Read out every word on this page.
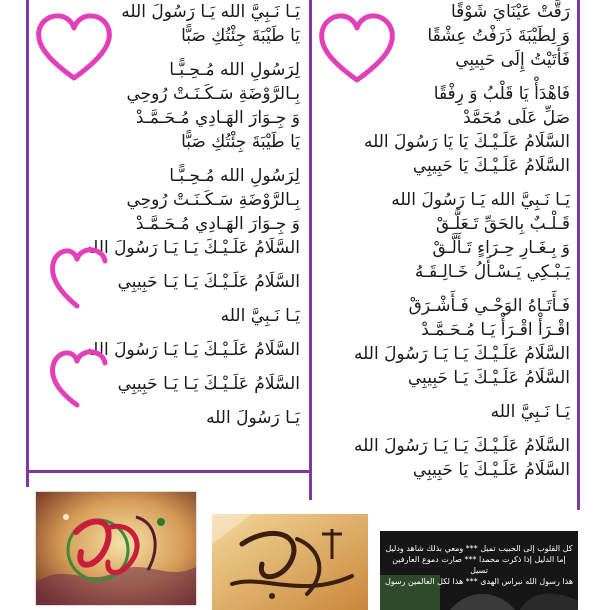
يَـا نَـبِيَّ الله يَـا رَسُولَ الله
يَا طَيْبَةَ جِئْتُكِ صَبًّا
لِرَسُولِ الله مُـحِـبًّـا
بِـالرَّوْضَةِ سَـكَـنَـتْ رُوحِي
وَ جِـوَارَ الهَـادِي مُـحَـمَّـدْ
يَا طَيْبَةَ جِئْتُكِ صَبًّا
لِرَسُولِ الله مُـحِـبًّـا
بِـالرَّوْضَةِ سَـكَـنَـتْ رُوحِي
وَ جِـوَارَ الهَـادِي مُـحَـمَّـدْ
السَّلَامُ عَلَـيْـكَ يَـا يَـا رَسُولَ الله
السَّلَامُ عَلَـيْـكَ يَـا يَـا حَبِيبِي
يَـا نَـبِيَّ الله
السَّلَامُ عَلَـيْـكَ يَـا يَـا رَسُولَ الله
السَّلَامُ عَلَـيْـكَ يَـا يَـا حَبِيبِي
يَـا رَسُولَ الله
رَقَّتْ عَيْنَايَ شَوْقًا
وَ لِطَيْبَةَ ذَرَفْتُ عِشْقًا
فَأَتَيْتُ إِلَى حَبِيبِي
فَاهْدَأْ يَا قَلْبُ وَ رِفْقًا
صَلِّ عَلَى مُحَمَّدْ
السَّلَامُ عَلَـيْـكَ يَا يَا رَسُولَ الله
السَّلَامُ عَلَـيْـكَ يَا حَبِيبِي
يَـا نَـبِيَّ الله يَـا رَسُولَ الله
قَـلْـبٌ بِالحَقِّ تَـعَلَّـقْ
وَ بِـغَـارِ حِـرَاءٍ تَـأَلَّـقْ
يَـبْـكِي يَـسْـأَلُ خَـالِـقَـهُ
فَـأَتَـاهُ الوَحْـي فَـأَشْـرَقْ
اقْـرَأْ اقْـرَأْ يَـا مُـحَـمَّـدْ
السَّلَامُ عَلَـيْـكَ يَـا يَـا رَسُولَ الله
السَّلَامُ عَلَـيْـكَ يَـا حَبِيبِي
يَـا نَـبِيَّ الله
السَّلَامُ عَلَـيْـكَ يَـا يَـا رَسُولَ الله
السَّلَامُ عَلَـيْـكَ يَا حَبِيبِي
كل القلوب إلى الحبيب تميل *** ومعي بذلك شاهد ودليل
إما الدليل إذا ذكرت محمدا *** صارت دموع العارفين تسيل
هذا رسول الله نبراس الهدى *** هذا لكل العالمين رسول
